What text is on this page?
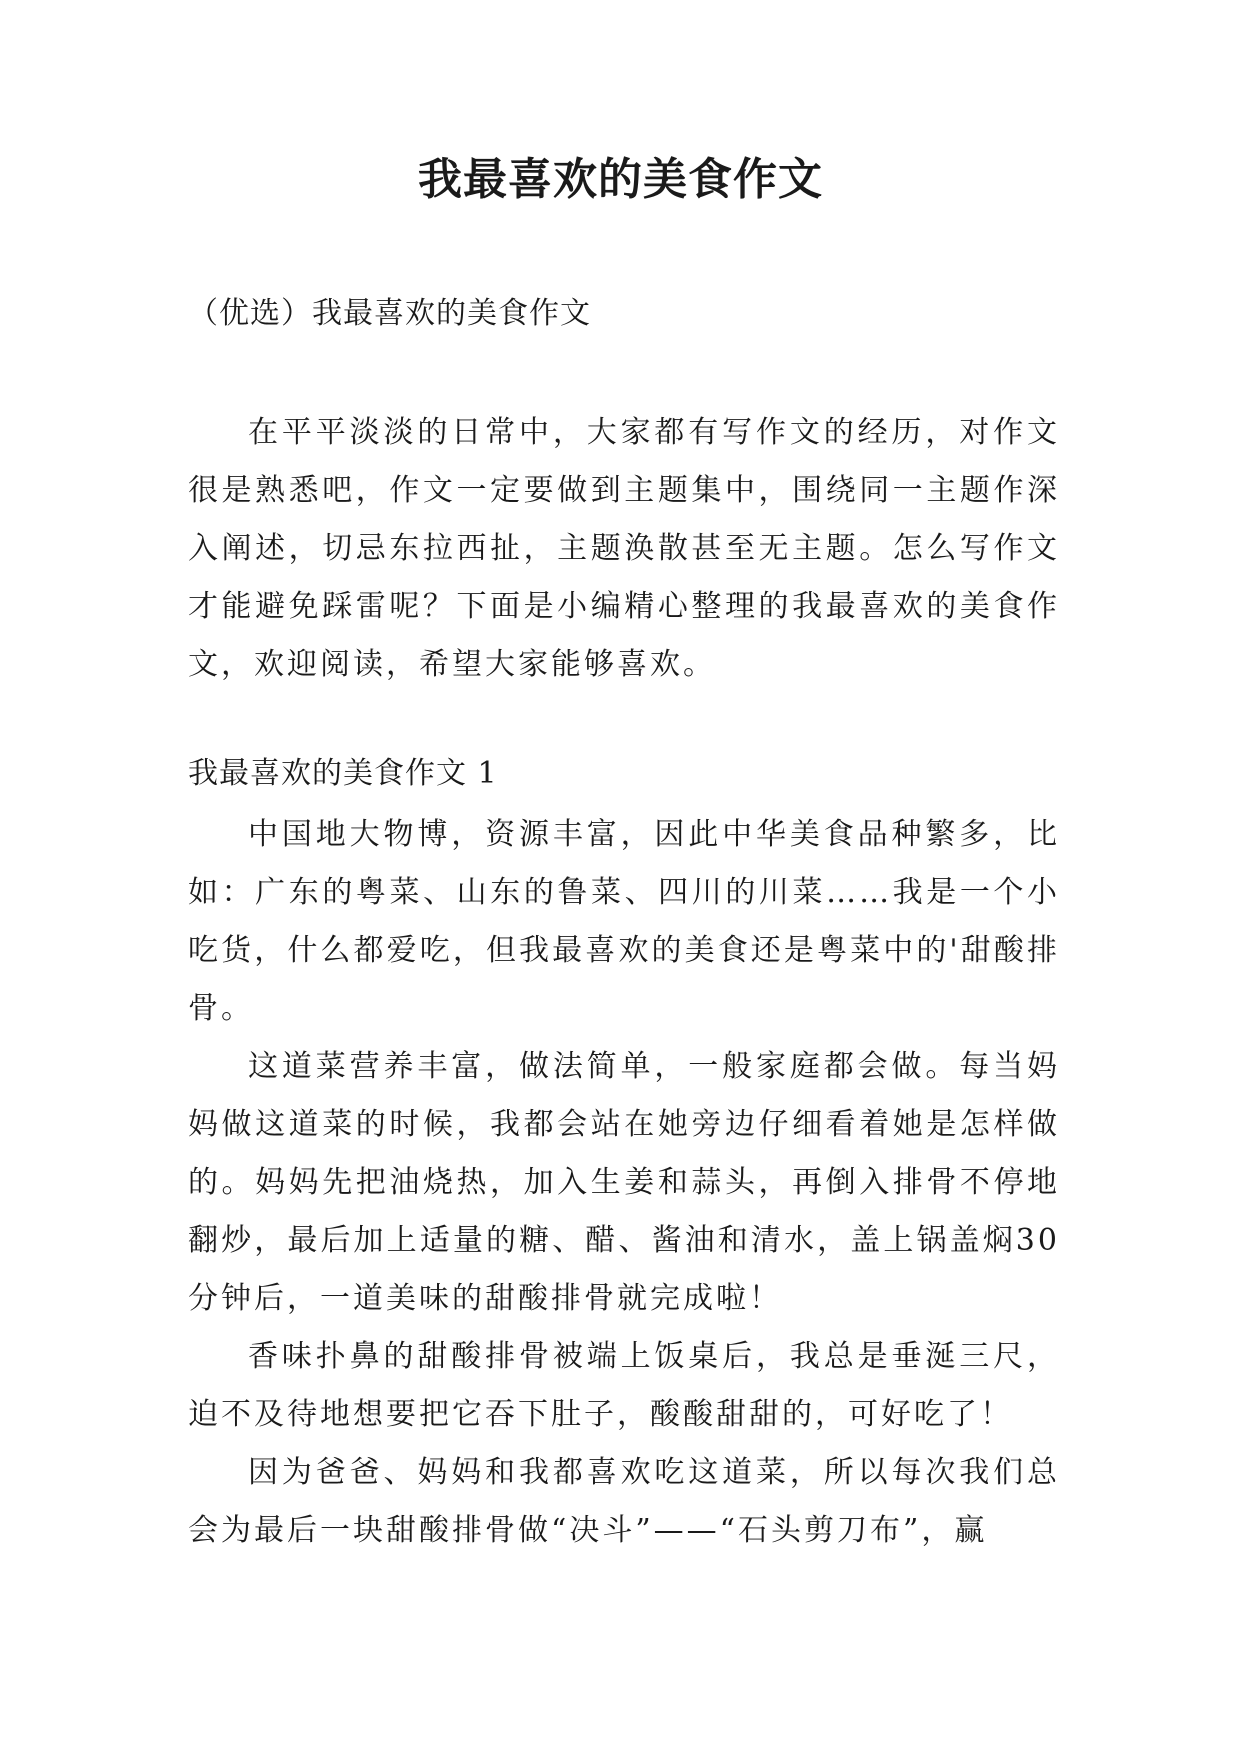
我最喜欢的美食作文

（优选）我最喜欢的美食作文

在平平淡淡的日常中，大家都有写作文的经历，对作文很是熟悉吧，作文一定要做到主题集中，围绕同一主题作深入阐述，切忌东拉西扯，主题涣散甚至无主题。怎么写作文才能避免踩雷呢？下面是小编精心整理的我最喜欢的美食作文，欢迎阅读，希望大家能够喜欢。

我最喜欢的美食作文 1

中国地大物博，资源丰富，因此中华美食品种繁多，比如：广东的粤菜、山东的鲁菜、四川的川菜……我是一个小吃货，什么都爱吃，但我最喜欢的美食还是粤菜中的'甜酸排骨。

这道菜营养丰富，做法简单，一般家庭都会做。每当妈妈做这道菜的时候，我都会站在她旁边仔细看着她是怎样做的。妈妈先把油烧热，加入生姜和蒜头，再倒入排骨不停地翻炒，最后加上适量的糖、醋、酱油和清水，盖上锅盖焖30分钟后，一道美味的甜酸排骨就完成啦！

香味扑鼻的甜酸排骨被端上饭桌后，我总是垂涎三尺，迫不及待地想要把它吞下肚子，酸酸甜甜的，可好吃了！

因为爸爸、妈妈和我都喜欢吃这道菜，所以每次我们总会为最后一块甜酸排骨做“决斗”——“石头剪刀布”，赢
